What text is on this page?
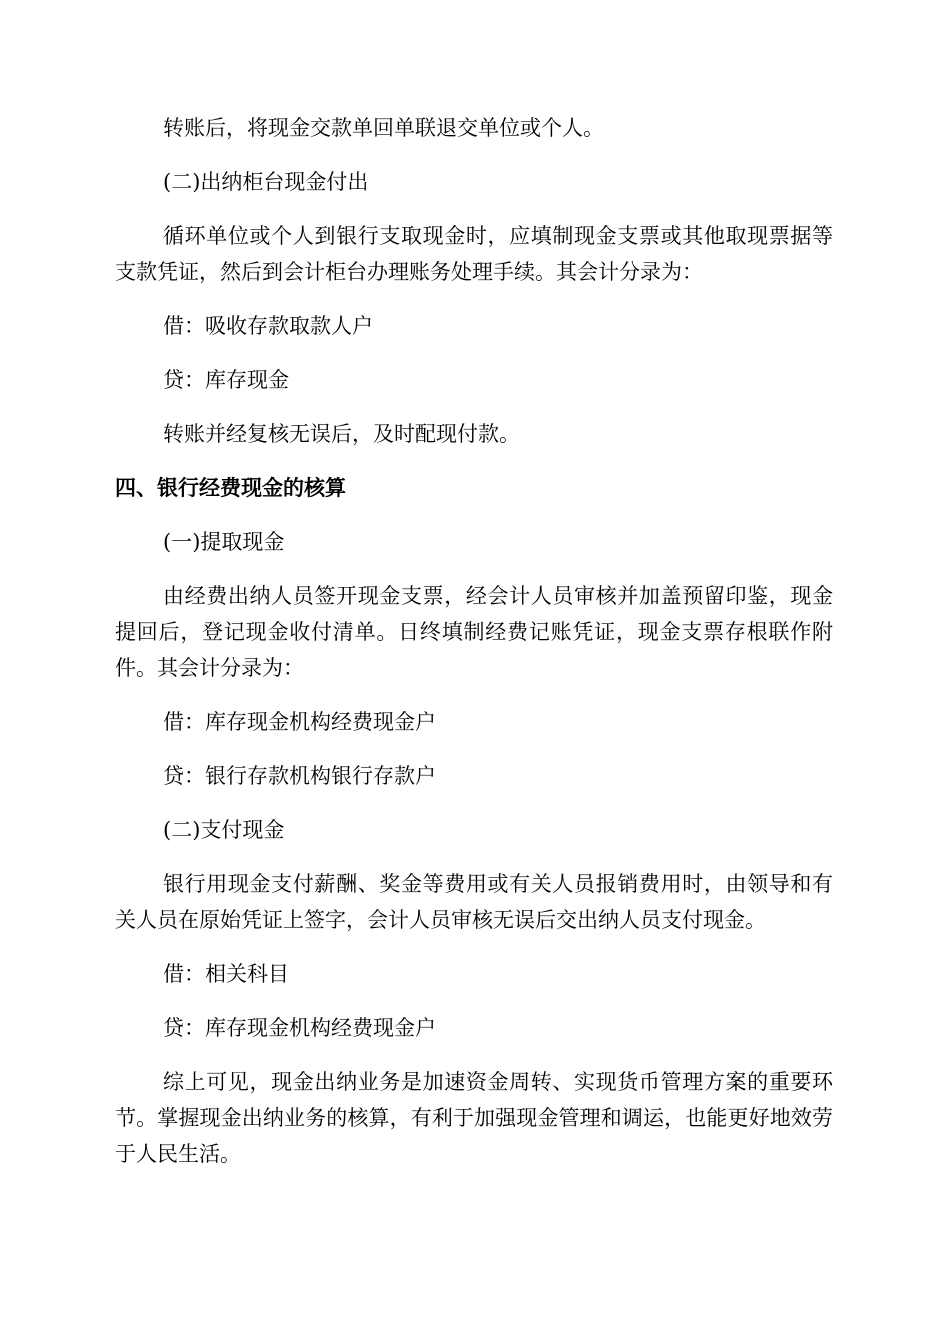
转账后，将现金交款单回单联退交单位或个人。

(二)出纳柜台现金付出

循环单位或个人到银行支取现金时，应填制现金支票或其他取现票据等支款凭证，然后到会计柜台办理账务处理手续。其会计分录为：

借：吸收存款取款人户

贷：库存现金

转账并经复核无误后，及时配现付款。

四、银行经费现金的核算

(一)提取现金

由经费出纳人员签开现金支票，经会计人员审核并加盖预留印鉴，现金提回后，登记现金收付清单。日终填制经费记账凭证，现金支票存根联作附件。其会计分录为：

借：库存现金机构经费现金户

贷：银行存款机构银行存款户

(二)支付现金

银行用现金支付薪酬、奖金等费用或有关人员报销费用时，由领导和有关人员在原始凭证上签字，会计人员审核无误后交出纳人员支付现金。

借：相关科目

贷：库存现金机构经费现金户

综上可见，现金出纳业务是加速资金周转、实现货币管理方案的重要环节。掌握现金出纳业务的核算，有利于加强现金管理和调运，也能更好地效劳于人民生活。
